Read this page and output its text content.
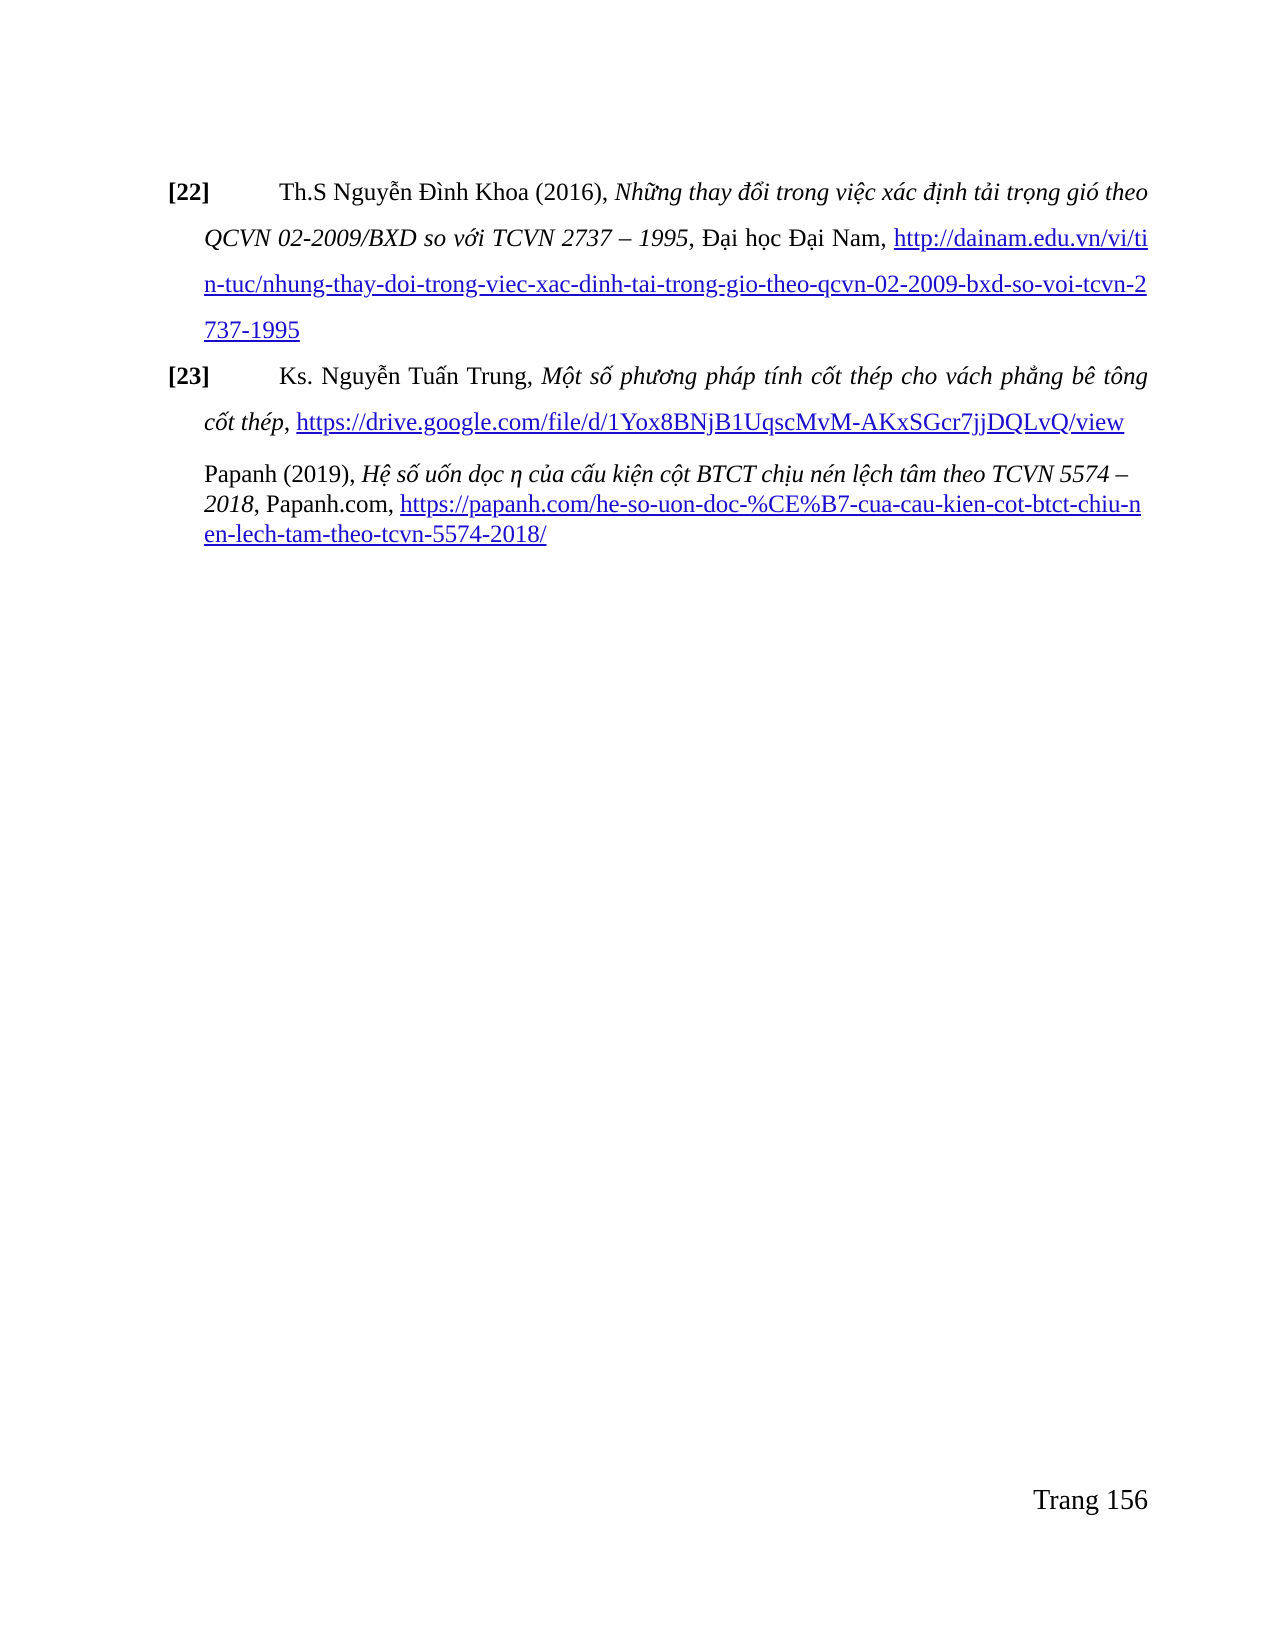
[22]	Th.S Nguyễn Đình Khoa (2016), Những thay đổi trong việc xác định tải trọng gió theo QCVN 02-2009/BXD so với TCVN 2737 – 1995, Đại học Đại Nam, http://dainam.edu.vn/vi/tin-tuc/nhung-thay-doi-trong-viec-xac-dinh-tai-trong-gio-theo-qcvn-02-2009-bxd-so-voi-tcvn-2737-1995
[23]	Ks. Nguyễn Tuấn Trung, Một số phương pháp tính cốt thép cho vách phẳng bê tông cốt thép, https://drive.google.com/file/d/1Yox8BNjB1UqscMvM-AKxSGcr7jjDQLvQ/view
Papanh (2019), Hệ số uốn dọc η của cấu kiện cột BTCT chịu nén lệch tâm theo TCVN 5574 – 2018, Papanh.com, https://papanh.com/he-so-uon-doc-%CE%B7-cua-cau-kien-cot-btct-chiu-nen-lech-tam-theo-tcvn-5574-2018/
Trang 156
